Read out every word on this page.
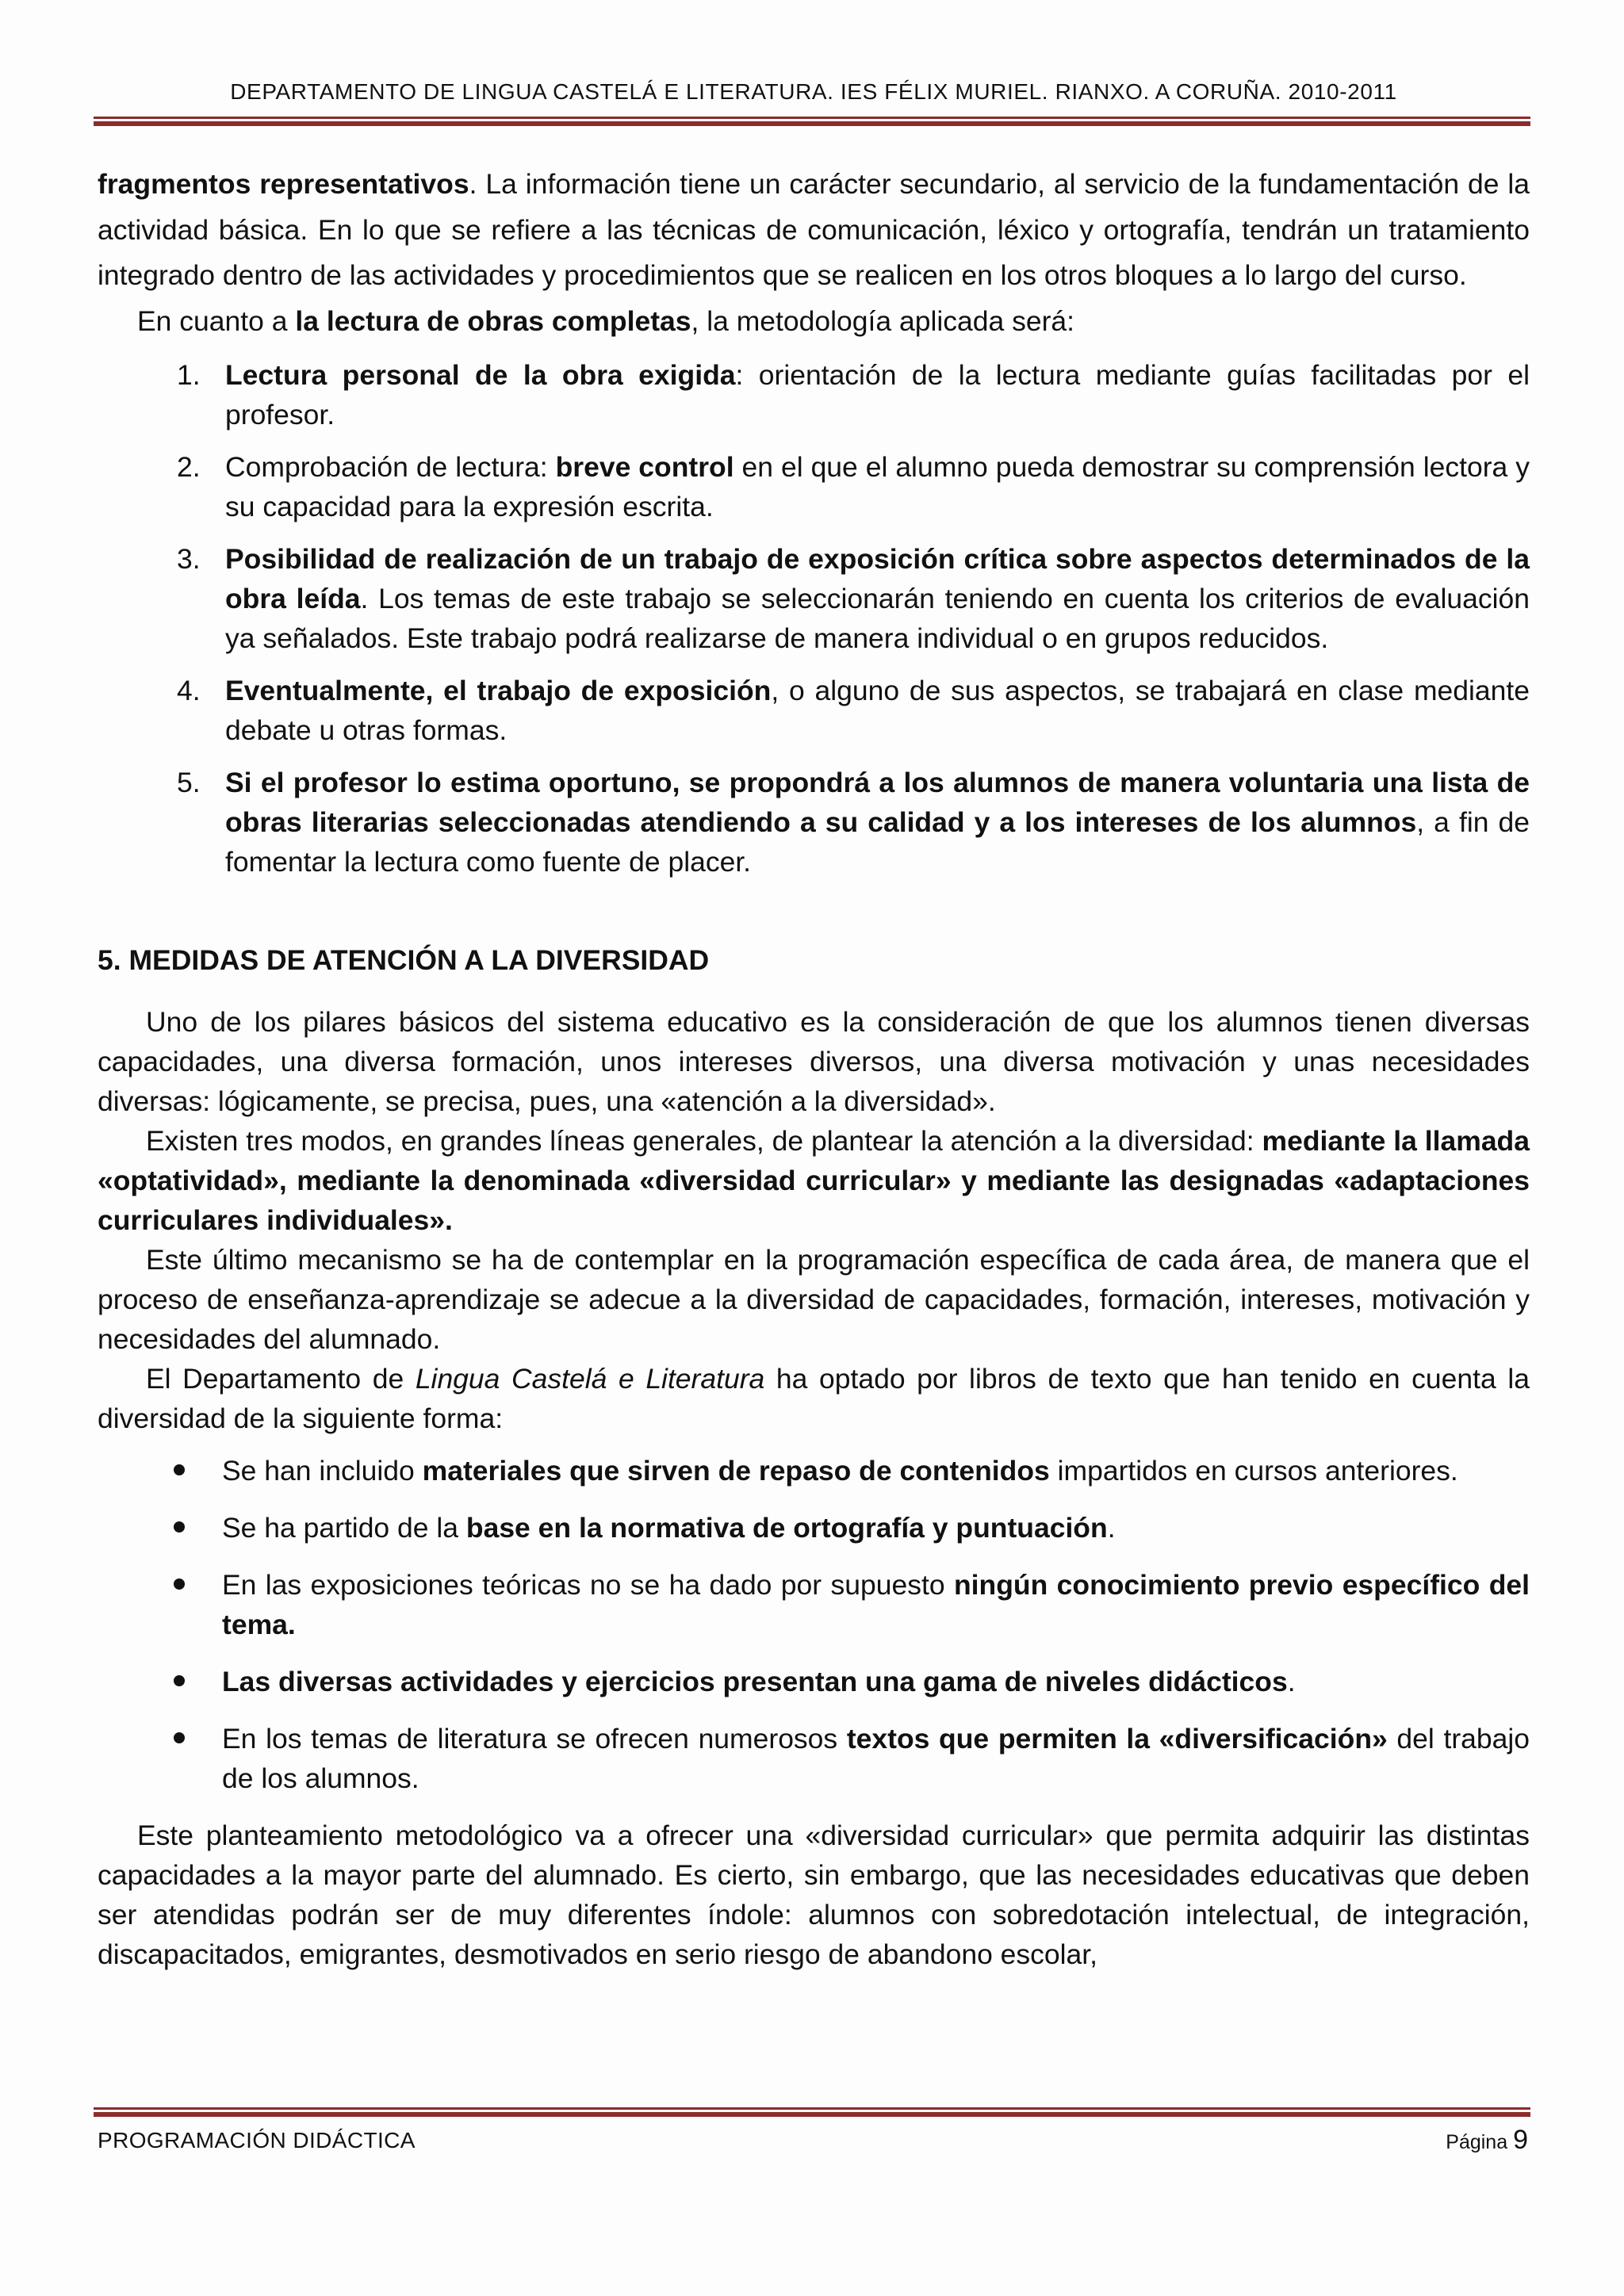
DEPARTAMENTO DE LINGUA CASTELÁ E LITERATURA. IES FÉLIX MURIEL. RIANXO. A CORUÑA. 2010-2011

fragmentos representativos. La información tiene un carácter secundario, al servicio de la fundamentación de la actividad básica. En lo que se refiere a las técnicas de comunicación, léxico y ortografía, tendrán un tratamiento integrado dentro de las actividades y procedimientos que se realicen en los otros bloques a lo largo del curso.

En cuanto a la lectura de obras completas, la metodología aplicada será:

1. Lectura personal de la obra exigida: orientación de la lectura mediante guías facilitadas por el profesor.
2. Comprobación de lectura: breve control en el que el alumno pueda demostrar su comprensión lectora y su capacidad para la expresión escrita.
3. Posibilidad de realización de un trabajo de exposición crítica sobre aspectos determinados de la obra leída. Los temas de este trabajo se seleccionarán teniendo en cuenta los criterios de evaluación ya señalados. Este trabajo podrá realizarse de manera individual o en grupos reducidos.
4. Eventualmente, el trabajo de exposición, o alguno de sus aspectos, se trabajará en clase mediante debate u otras formas.
5. Si el profesor lo estima oportuno, se propondrá a los alumnos de manera voluntaria una lista de obras literarias seleccionadas atendiendo a su calidad y a los intereses de los alumnos, a fin de fomentar la lectura como fuente de placer.
5. MEDIDAS DE ATENCIÓN A LA DIVERSIDAD

Uno de los pilares básicos del sistema educativo es la consideración de que los alumnos tienen diversas capacidades, una diversa formación, unos intereses diversos, una diversa motivación y unas necesidades diversas: lógicamente, se precisa, pues, una «atención a la diversidad».

Existen tres modos, en grandes líneas generales, de plantear la atención a la diversidad: mediante la llamada «optatividad», mediante la denominada «diversidad curricular» y mediante las designadas «adaptaciones curriculares individuales».

Este último mecanismo se ha de contemplar en la programación específica de cada área, de manera que el proceso de enseñanza-aprendizaje se adecue a la diversidad de capacidades, formación, intereses, motivación y necesidades del alumnado.

El Departamento de Lingua Castelá e Literatura ha optado por libros de texto que han tenido en cuenta la diversidad de la siguiente forma:

Se han incluido materiales que sirven de repaso de contenidos impartidos en cursos anteriores.
Se ha partido de la base en la normativa de ortografía y puntuación.
En las exposiciones teóricas no se ha dado por supuesto ningún conocimiento previo específico del tema.
Las diversas actividades y ejercicios presentan una gama de niveles didácticos.
En los temas de literatura se ofrecen numerosos textos que permiten la «diversificación» del trabajo de los alumnos.

Este planteamiento metodológico va a ofrecer una «diversidad curricular» que permita adquirir las distintas capacidades a la mayor parte del alumnado. Es cierto, sin embargo, que las necesidades educativas que deben ser atendidas podrán ser de muy diferentes índole: alumnos con sobredotación intelectual, de integración, discapacitados, emigrantes, desmotivados en serio riesgo de abandono escolar,

PROGRAMACIÓN DIDÁCTICA	Página 9
